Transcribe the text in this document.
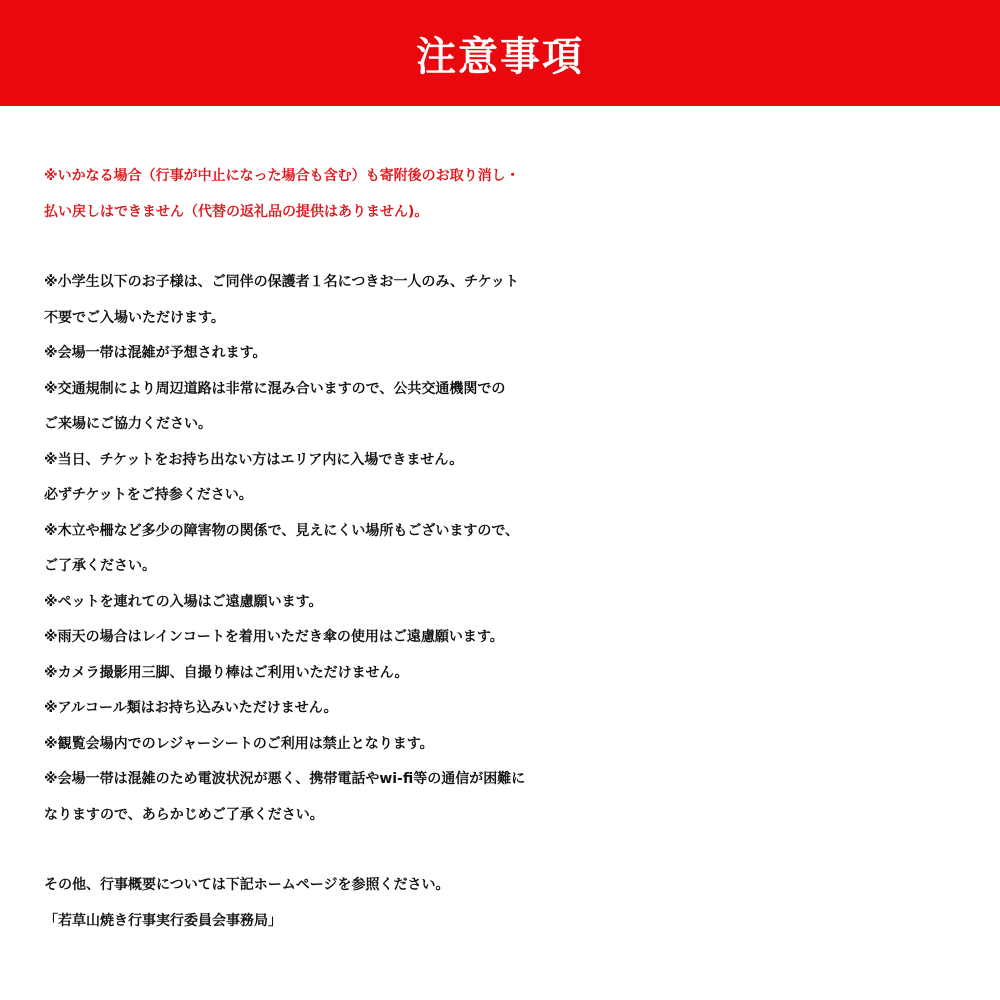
注意事項
※いかなる場合（行事が中止になった場合も含む）も寄附後のお取り消し・
払い戻しはできません（代替の返礼品の提供はありません)。
※小学生以下のお子様は、ご同伴の保護者１名につきお一人のみ、チケット
不要でご入場いただけます。
※会場一帯は混雑が予想されます。
※交通規制により周辺道路は非常に混み合いますので、公共交通機関での
ご来場にご協力ください。
※当日、チケットをお持ち出ない方はエリア内に入場できません。
必ずチケットをご持参ください。
※木立や柵など多少の障害物の関係で、見えにくい場所もございますので、
ご了承ください。
※ペットを連れての入場はご遠慮願います。
※雨天の場合はレインコートを着用いただき傘の使用はご遠慮願います。
※カメラ撮影用三脚、自撮り棒はご利用いただけません。
※アルコール類はお持ち込みいただけません。
※観覧会場内でのレジャーシートのご利用は禁止となります。
※会場一帯は混雑のため電波状況が悪く、携帯電話やwi-fi等の通信が困難に
なりますので、あらかじめご了承ください。
その他、行事概要については下記ホームページを参照ください。
「若草山焼き行事実行委員会事務局」
